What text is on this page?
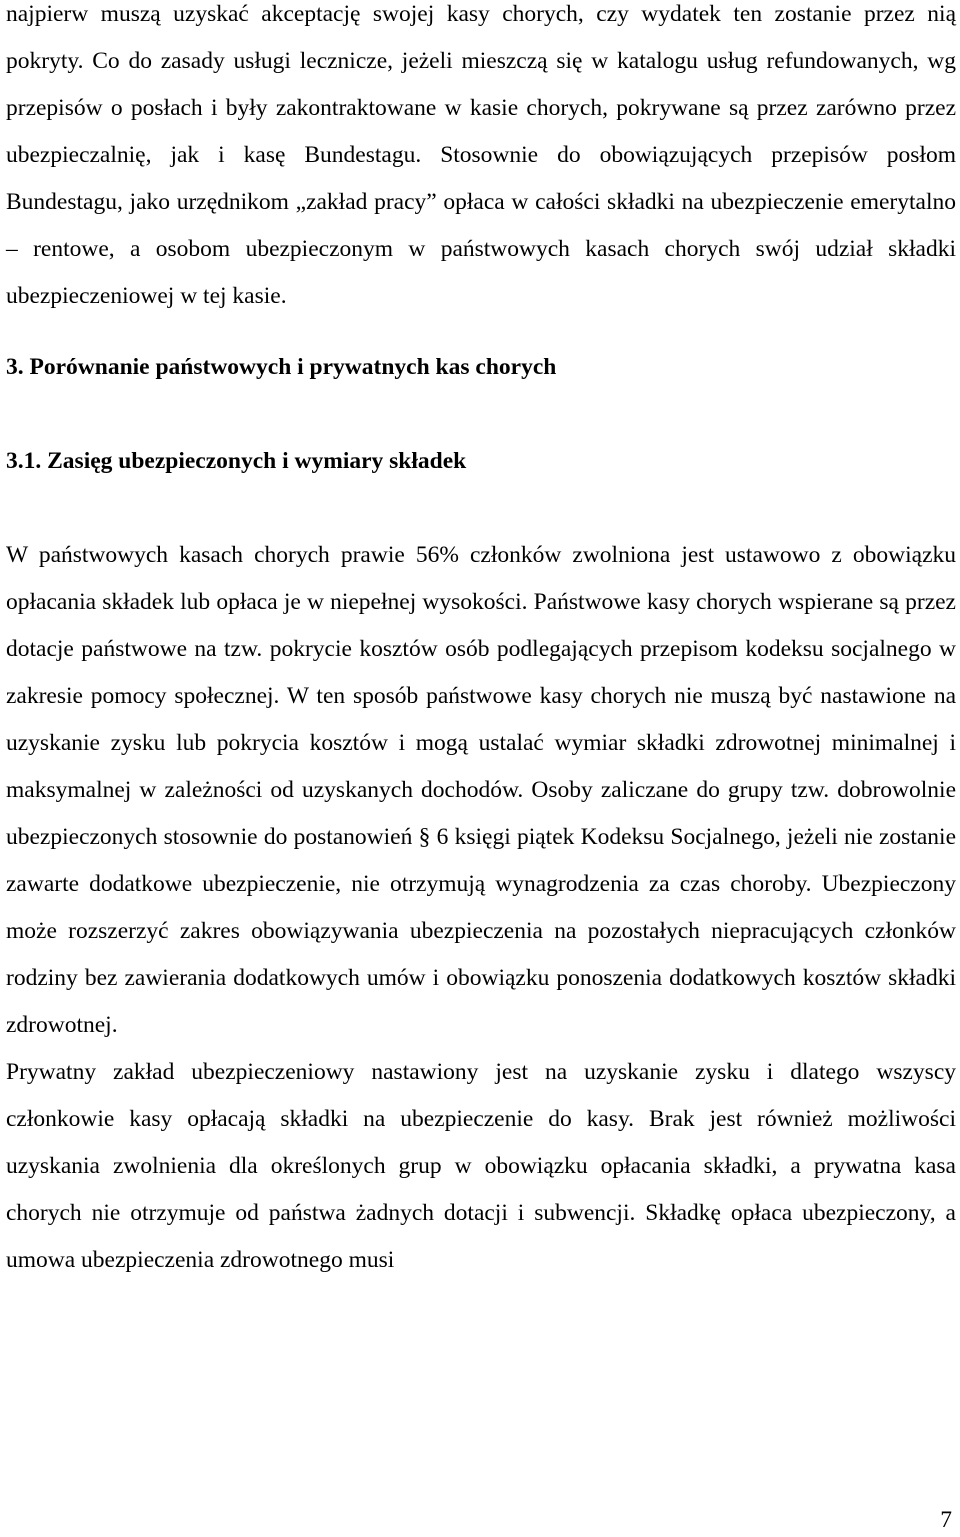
najpierw muszą uzyskać akceptację swojej kasy chorych, czy wydatek ten zostanie przez nią pokryty. Co do zasady usługi lecznicze, jeżeli mieszczą się w katalogu usług refundowanych, wg przepisów o posłach i były zakontraktowane w kasie chorych, pokrywane są przez zarówno przez ubezpieczalnię, jak i kasę Bundestagu. Stosownie do obowiązujących przepisów posłom Bundestagu, jako urzędnikom „zakład pracy” opłaca w całości składki na ubezpieczenie emerytalno – rentowe, a osobom ubezpieczonym w państwowych kasach chorych swój udział składki ubezpieczeniowej w tej kasie.

3. Porównanie państwowych i prywatnych kas chorych
3.1. Zasięg ubezpieczonych i wymiary składek

W państwowych kasach chorych prawie 56% członków zwolniona jest ustawowo z obowiązku opłacania składek lub opłaca je w niepełnej wysokości. Państwowe kasy chorych wspierane są przez dotacje państwowe na tzw. pokrycie kosztów osób podlegających przepisom kodeksu socjalnego w zakresie pomocy społecznej. W ten sposób państwowe kasy chorych nie muszą być nastawione na uzyskanie zysku lub pokrycia kosztów i mogą ustalać wymiar składki zdrowotnej minimalnej i maksymalnej w zależności od uzyskanych dochodów. Osoby zaliczane do grupy tzw. dobrowolnie ubezpieczonych stosownie do postanowień § 6 księgi piątek Kodeksu Socjalnego, jeżeli nie zostanie zawarte dodatkowe ubezpieczenie, nie otrzymują wynagrodzenia za czas choroby. Ubezpieczony może rozszerzyć zakres obowiązywania ubezpieczenia na pozostałych niepracujących członków rodziny bez zawierania dodatkowych umów i obowiązku ponoszenia dodatkowych kosztów składki zdrowotnej.

Prywatny zakład ubezpieczeniowy nastawiony jest na uzyskanie zysku i dlatego wszyscy członkowie kasy opłacają składki na ubezpieczenie do kasy. Brak jest również możliwości uzyskania zwolnienia dla określonych grup w obowiązku opłacania składki, a prywatna kasa chorych nie otrzymuje od państwa żadnych dotacji i subwencji. Składkę opłaca ubezpieczony, a umowa ubezpieczenia zdrowotnego musi

7
